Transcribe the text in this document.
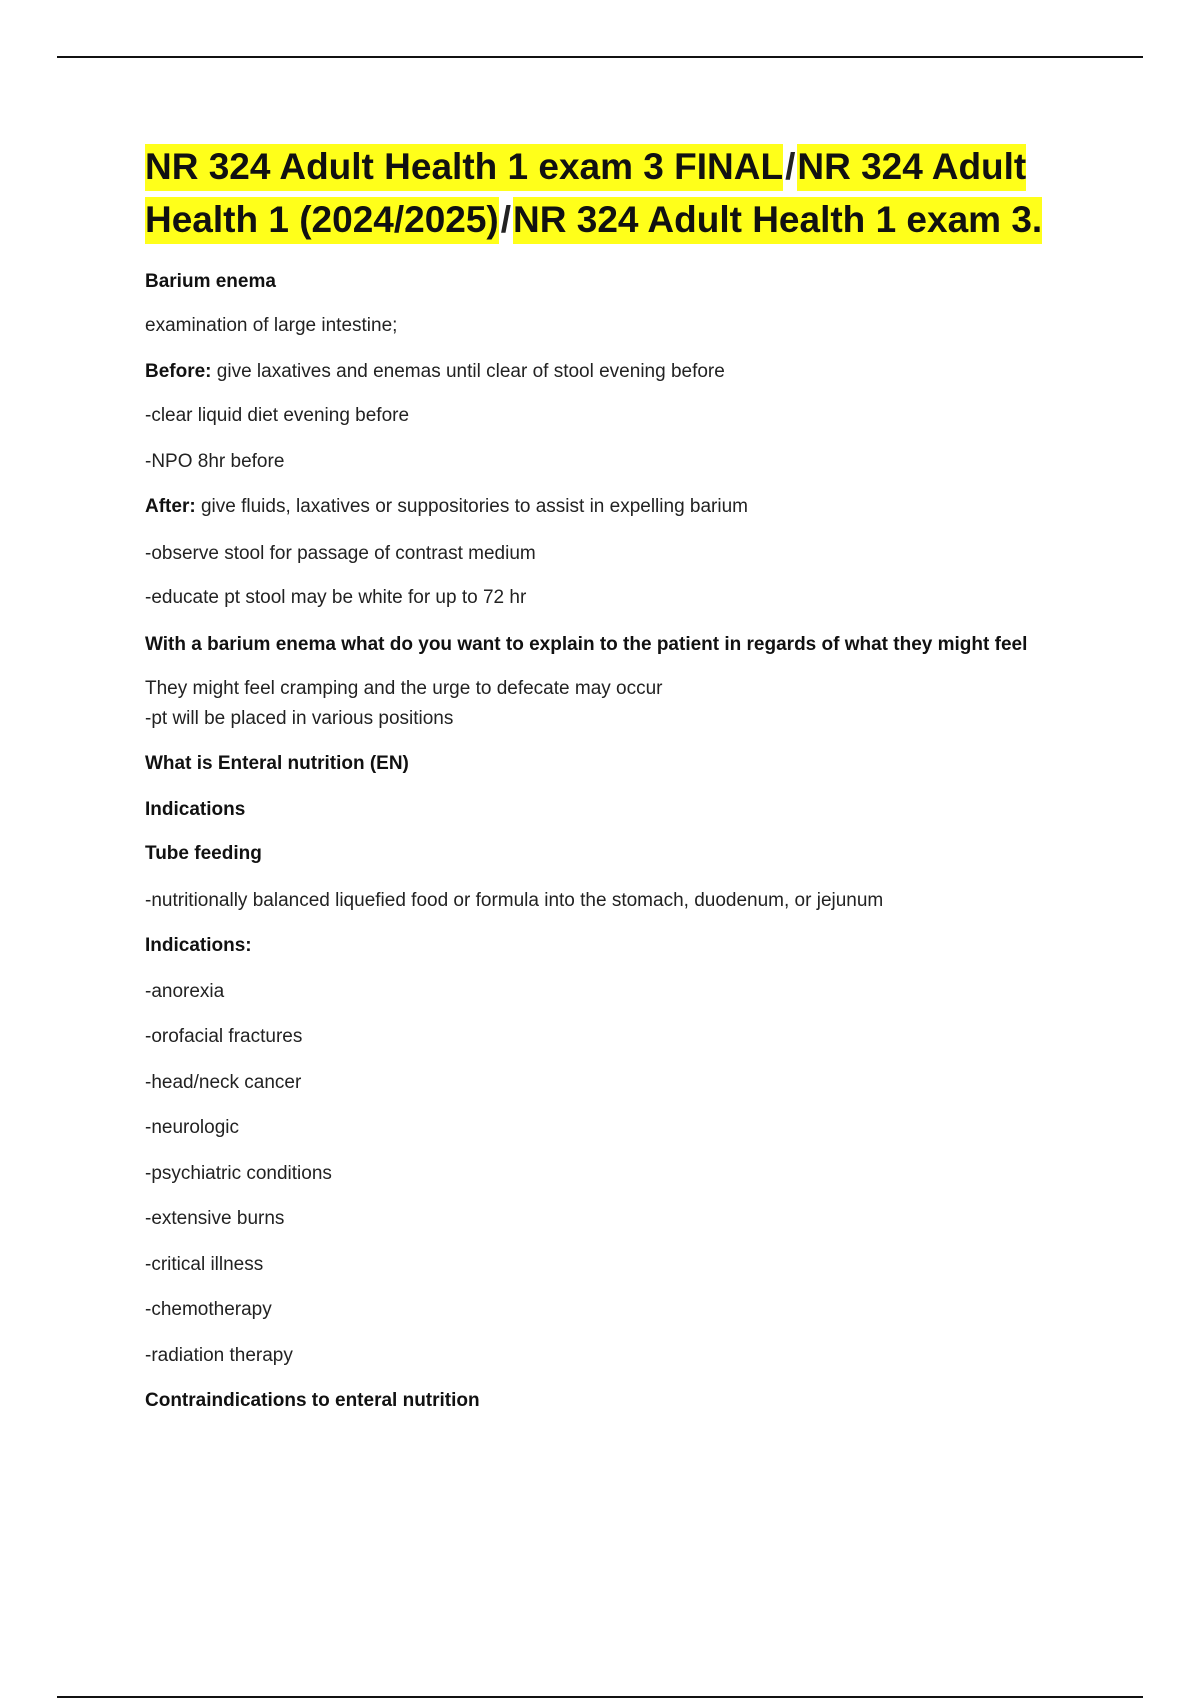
NR 324 Adult Health 1 exam 3 FINAL/NR 324 Adult Health 1 (2024/2025)/NR 324 Adult Health 1 exam 3.

Barium enema

examination of large intestine;

Before: give laxatives and enemas until clear of stool evening before

-clear liquid diet evening before

-NPO 8hr before

After: give fluids, laxatives or suppositories to assist in expelling barium

-observe stool for passage of contrast medium

-educate pt stool may be white for up to 72 hr

With a barium enema what do you want to explain to the patient in regards of what they might feel

They might feel cramping and the urge to defecate may occur

-pt will be placed in various positions

What is Enteral nutrition (EN)

Indications

Tube feeding

-nutritionally balanced liquefied food or formula into the stomach, duodenum, or jejunum

Indications:

-anorexia

-orofacial fractures

-head/neck cancer

-neurologic

-psychiatric conditions

-extensive burns

-critical illness

-chemotherapy

-radiation therapy

Contraindications to enteral nutrition
